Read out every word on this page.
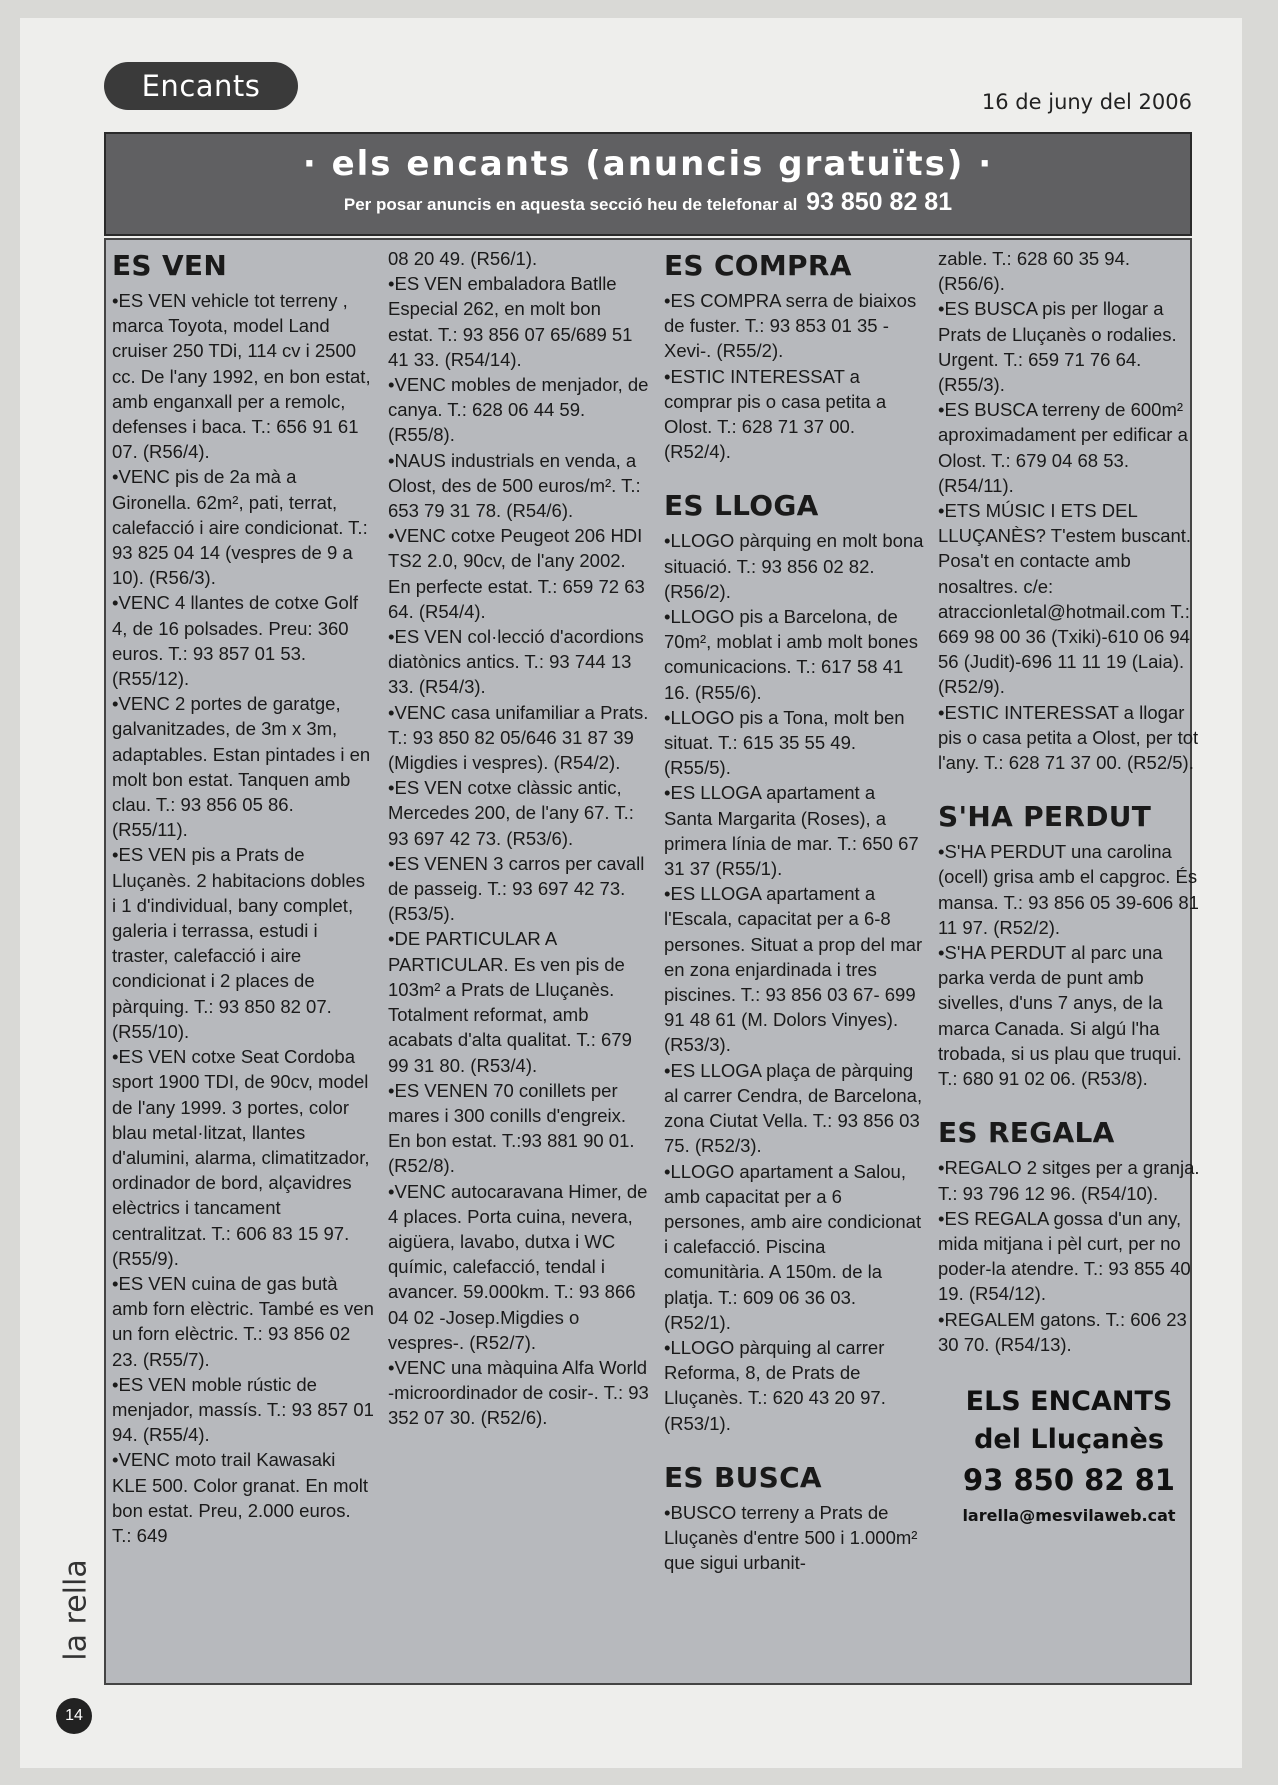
Encants	16 de juny del 2006
· els encants (anuncis gratuïts) ·
Per posar anuncis en aquesta secció heu de telefonar al 93 850 82 81
ES VEN

•ES VEN vehicle tot terreny , marca Toyota, model Land cruiser 250 TDi, 114 cv i 2500 cc. De l'any 1992, en bon estat, amb enganxall per a remolc, defenses i baca. T.: 656 91 61 07. (R56/4).

•VENC pis de 2a mà a Gironella. 62m², pati, terrat, calefacció i aire condicionat. T.: 93 825 04 14 (vespres de 9 a 10). (R56/3).

•VENC 4 llantes de cotxe Golf 4, de 16 polsades. Preu: 360 euros. T.: 93 857 01 53. (R55/12).

•VENC 2 portes de garatge, galvanitzades, de 3m x 3m, adaptables. Estan pintades i en molt bon estat. Tanquen amb clau. T.: 93 856 05 86. (R55/11).

•ES VEN pis a Prats de Lluçanès. 2 habitacions dobles i 1 d'individual, bany complet, galeria i terrassa, estudi i traster, calefacció i aire condicionat i 2 places de pàrquing. T.: 93 850 82 07. (R55/10).

•ES VEN cotxe Seat Cordoba sport 1900 TDI, de 90cv, model de l'any 1999. 3 portes, color blau metal·litzat, llantes d'alumini, alarma, climatitzador, ordinador de bord, alçavidres elèctrics i tancament centralitzat. T.: 606 83 15 97. (R55/9).

•ES VEN cuina de gas butà amb forn elèctric. També es ven un forn elèctric. T.: 93 856 02 23. (R55/7).

•ES VEN moble rústic de menjador, massís. T.: 93 857 01 94. (R55/4).

•VENC moto trail Kawasaki KLE 500. Color granat. En molt bon estat. Preu, 2.000 euros. T.: 649

08 20 49. (R56/1).

•ES VEN embaladora Batlle Especial 262, en molt bon estat. T.: 93 856 07 65/689 51 41 33. (R54/14).

•VENC mobles de menjador, de canya. T.: 628 06 44 59. (R55/8).

•NAUS industrials en venda, a Olost, des de 500 euros/m². T.: 653 79 31 78. (R54/6).

•VENC cotxe Peugeot 206 HDI TS2 2.0, 90cv, de l'any 2002. En perfecte estat. T.: 659 72 63 64. (R54/4).

•ES VEN col·lecció d'acordions diatònics antics. T.: 93 744 13 33. (R54/3).

•VENC casa unifamiliar a Prats. T.: 93 850 82 05/646 31 87 39 (Migdies i vespres). (R54/2).

•ES VEN cotxe clàssic antic, Mercedes 200, de l'any 67. T.: 93 697 42 73. (R53/6).

•ES VENEN 3 carros per cavall de passeig. T.: 93 697 42 73. (R53/5).

•DE PARTICULAR A PARTICULAR. Es ven pis de 103m² a Prats de Lluçanès. Totalment reformat, amb acabats d'alta qualitat. T.: 679 99 31 80. (R53/4).

•ES VENEN 70 conillets per mares i 300 conills d'engreix. En bon estat. T.:93 881 90 01. (R52/8).

•VENC autocaravana Himer, de 4 places. Porta cuina, nevera, aigüera, lavabo, dutxa i WC químic, calefacció, tendal i avancer. 59.000km. T.: 93 866 04 02 -Josep.Migdies o vespres-. (R52/7).

•VENC una màquina Alfa World -microordinador de cosir-. T.: 93 352 07 30. (R52/6).

ES COMPRA

•ES COMPRA serra de biaixos de fuster. T.: 93 853 01 35 -Xevi-. (R55/2).

•ESTIC INTERESSAT a comprar pis o casa petita a Olost. T.: 628 71 37 00. (R52/4).

ES LLOGA

•LLOGO pàrquing en molt bona situació. T.: 93 856 02 82. (R56/2).

•LLOGO pis a Barcelona, de 70m², moblat i amb molt bones comunicacions. T.: 617 58 41 16. (R55/6).

•LLOGO pis a Tona, molt ben situat. T.: 615 35 55 49. (R55/5).

•ES LLOGA apartament a Santa Margarita (Roses), a primera línia de mar. T.: 650 67 31 37 (R55/1).

•ES LLOGA apartament a l'Escala, capacitat per a 6-8 persones. Situat a prop del mar en zona enjardinada i tres piscines. T.: 93 856 03 67- 699 91 48 61 (M. Dolors Vinyes). (R53/3).

•ES LLOGA plaça de pàrquing al carrer Cendra, de Barcelona, zona Ciutat Vella. T.: 93 856 03 75. (R52/3).

•LLOGO apartament a Salou, amb capacitat per a 6 persones, amb aire condicionat i calefacció. Piscina comunitària. A 150m. de la platja. T.: 609 06 36 03. (R52/1).

•LLOGO pàrquing al carrer Reforma, 8, de Prats de Lluçanès. T.: 620 43 20 97. (R53/1).

ES BUSCA

•BUSCO terreny a Prats de Lluçanès d'entre 500 i 1.000m² que sigui urbanit-

zable. T.: 628 60 35 94. (R56/6).

•ES BUSCA pis per llogar a Prats de Lluçanès o rodalies. Urgent. T.: 659 71 76 64. (R55/3).

•ES BUSCA terreny de 600m² aproximadament per edificar a Olost. T.: 679 04 68 53. (R54/11).

•ETS MÚSIC I ETS DEL LLUÇANÈS? T'estem buscant. Posa't en contacte amb nosaltres. c/e: atraccionletal@hotmail.com T.: 669 98 00 36 (Txiki)-610 06 94 56 (Judit)-696 11 11 19 (Laia). (R52/9).

•ESTIC INTERESSAT a llogar pis o casa petita a Olost, per tot l'any. T.: 628 71 37 00. (R52/5).

S'HA PERDUT

•S'HA PERDUT una carolina (ocell) grisa amb el capgroc. És mansa. T.: 93 856 05 39-606 81 11 97. (R52/2).

•S'HA PERDUT al parc una parka verda de punt amb sivelles, d'uns 7 anys, de la marca Canada. Si algú l'ha trobada, si us plau que truqui. T.: 680 91 02 06. (R53/8).

ES REGALA

•REGALO 2 sitges per a granja. T.: 93 796 12 96. (R54/10).

•ES REGALA gossa d'un any, mida mitjana i pèl curt, per no poder-la atendre. T.: 93 855 40 19. (R54/12).

•REGALEM gatons. T.: 606 23 30 70. (R54/13).

ELS ENCANTS
del Lluçanès
93 850 82 81
larella@mesvilaweb.cat
la rella
14
